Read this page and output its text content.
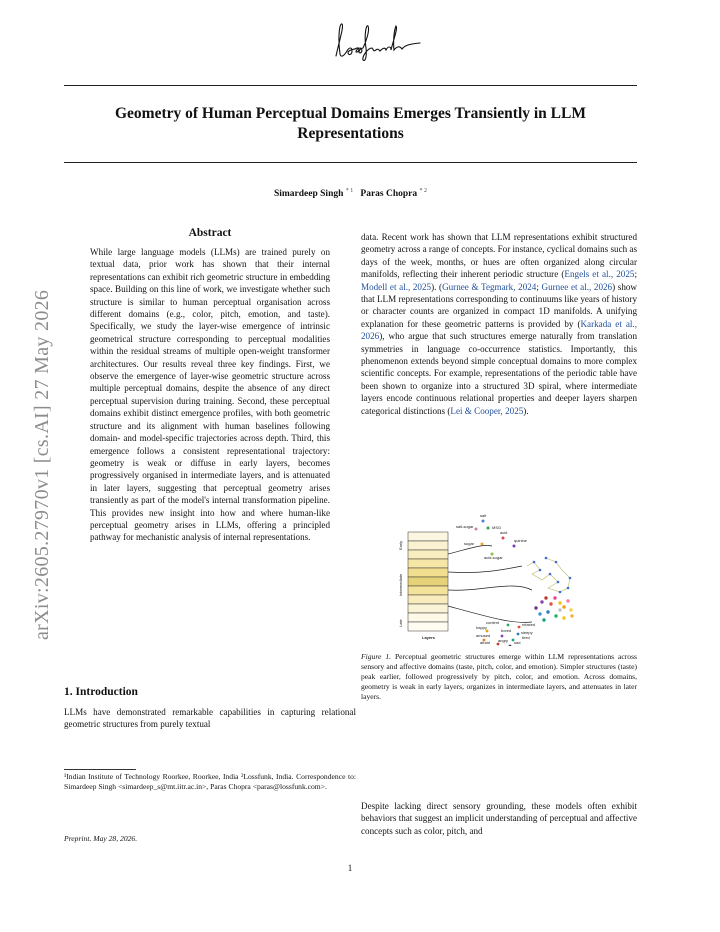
Geometry of Human Perceptual Domains Emerges Transiently in LLM Representations
Simardeep Singh $^{* 1}$ Paras Chopra $^{* 2}$
arXiv:2605.27970v1 [cs.AI] 27 May 2026
Abstract
While large language models (LLMs) are trained purely on textual data, prior work has shown that their internal representations can exhibit rich geometric structure in embedding space. Building on this line of work, we investigate whether such structure is similar to human perceptual organisation across different domains (e.g., color, pitch, emotion, and taste). Specifically, we study the layer-wise emergence of intrinsic geometrical structure corresponding to perceptual modalities within the residual streams of multiple open-weight transformer architectures. Our results reveal three key findings. First, we observe the emergence of layer-wise geometric structure across multiple perceptual domains, despite the absence of any direct perceptual supervision during training. Second, these perceptual domains exhibit distinct emergence profiles, with both geometric structure and its alignment with human baselines following domain- and model-specific trajectories across depth. Third, this emergence follows a consistent representational trajectory: geometry is weak or diffuse in early layers, becomes progressively organised in intermediate layers, and is attenuated in later layers, suggesting that perceptual geometry arises transiently as part of the model's internal transformation pipeline. This provides new insight into how and where human-like perceptual geometry arises in LLMs, offering a principled pathway for mechanistic analysis of internal representations.
1. Introduction
LLMs have demonstrated remarkable capabilities in capturing relational geometric structures from purely textual
¹Indian Institute of Technology Roorkee, Roorkee, India ²Lossfunk, India. Correspondence to: Simardeep Singh <simardeep_s@mt.iitr.ac.in>, Paras Chopra <paras@lossfunk.com>.
Preprint. May 28, 2026.
data. Recent work has shown that LLM representations exhibit structured geometry across a range of concepts. For instance, cyclical domains such as days of the week, months, or hues are often organized along circular manifolds, reflecting their inherent periodic structure (Engels et al., 2025; Modell et al., 2025). (Gurnee & Tegmark, 2024; Gurnee et al., 2026) show that LLM representations corresponding to continuums like years of history or character counts are organized in compact 1D manifolds. A unifying explanation for these geometric patterns is provided by (Karkada et al., 2026), who argue that such structures emerge naturally from translation symmetries in language co-occurrence statistics. Importantly, this phenomenon extends beyond simple conceptual domains to more complex scientific concepts. For example, representations of the periodic table have been shown to organize into a structured 3D spiral, where intermediate layers encode continuous relational properties and deeper layers sharpen categorical distinctions (Lei & Cooper, 2025).
Early
Intermediate
Late
Layers
salt
salt-sugar	MSG
acid
sugar
quinine
acid-sugar
content	relaxed
happy
sleepy
bored
tired
amused
sad
afraid angry
Figure 1. Perceptual geometric structures emerge within LLM representations across sensory and affective domains (taste, pitch, color, and emotion). Simpler structures (taste) peak earlier, followed progressively by pitch, color, and emotion. Across domains, geometry is weak in early layers, organizes in intermediate layers, and attenuates in later layers.
Despite lacking direct sensory grounding, these models often exhibit behaviors that suggest an implicit understanding of perceptual and affective concepts such as color, pitch, and
1
